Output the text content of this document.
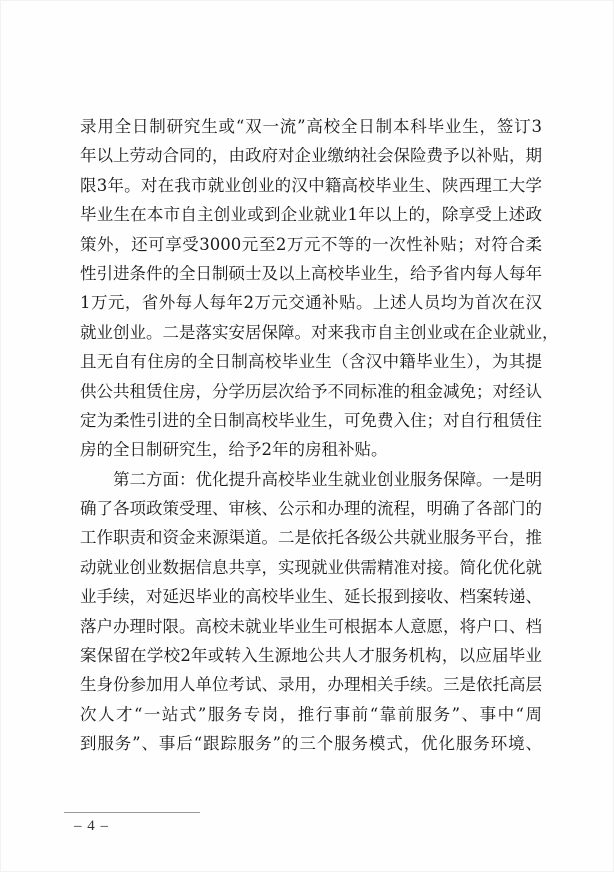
录用全日制研究生或“双一流”高校全日制本科毕业生，签订3
年以上劳动合同的，由政府对企业缴纳社会保险费予以补贴，期
限3年。对在我市就业创业的汉中籍高校毕业生、陕西理工大学
毕业生在本市自主创业或到企业就业1年以上的，除享受上述政
策外，还可享受3000元至2万元不等的一次性补贴；对符合柔
性引进条件的全日制硕士及以上高校毕业生，给予省内每人每年
1万元，省外每人每年2万元交通补贴。上述人员均为首次在汉
就业创业。二是落实安居保障。对来我市自主创业或在企业就业，
且无自有住房的全日制高校毕业生（含汉中籍毕业生），为其提
供公共租赁住房，分学历层次给予不同标准的租金减免；对经认
定为柔性引进的全日制高校毕业生，可免费入住；对自行租赁住
房的全日制研究生，给予2年的房租补贴。
　　第二方面：优化提升高校毕业生就业创业服务保障。一是明
确了各项政策受理、审核、公示和办理的流程，明确了各部门的
工作职责和资金来源渠道。二是依托各级公共就业服务平台，推
动就业创业数据信息共享，实现就业供需精准对接。简化优化就
业手续，对延迟毕业的高校毕业生、延长报到接收、档案转递、
落户办理时限。高校未就业毕业生可根据本人意愿，将户口、档
案保留在学校2年或转入生源地公共人才服务机构，以应届毕业
生身份参加用人单位考试、录用，办理相关手续。三是依托高层
次人才“一站式”服务专岗，推行事前“靠前服务”、事中“周
到服务”、事后“跟踪服务”的三个服务模式，优化服务环境、
– 4 –
